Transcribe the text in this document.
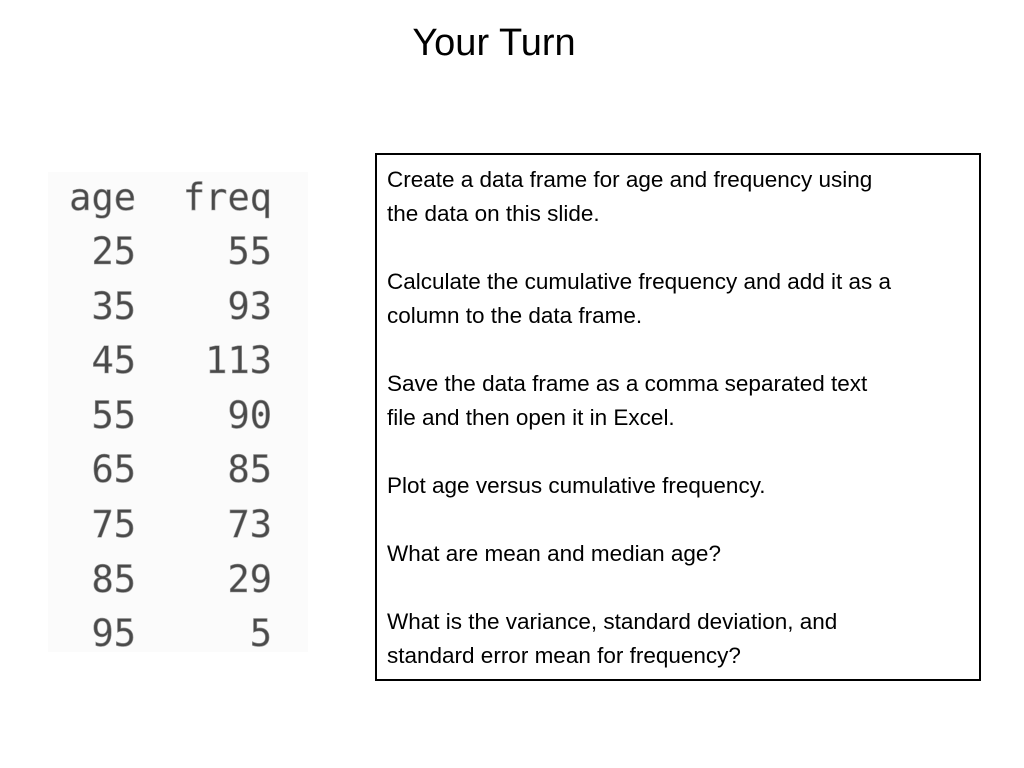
Your Turn
age freq
25 55
35 93
45 113
55 90
65 85
75 73
85 29
95	5
Create a data frame for age and frequency using
the data on this slide.
Calculate the cumulative frequency and add it as a
column to the data frame.
Save the data frame as a comma separated text
file and then open it in Excel.
Plot age versus cumulative frequency.
What are mean and median age?
What is the variance, standard deviation, and
standard error mean for frequency?
